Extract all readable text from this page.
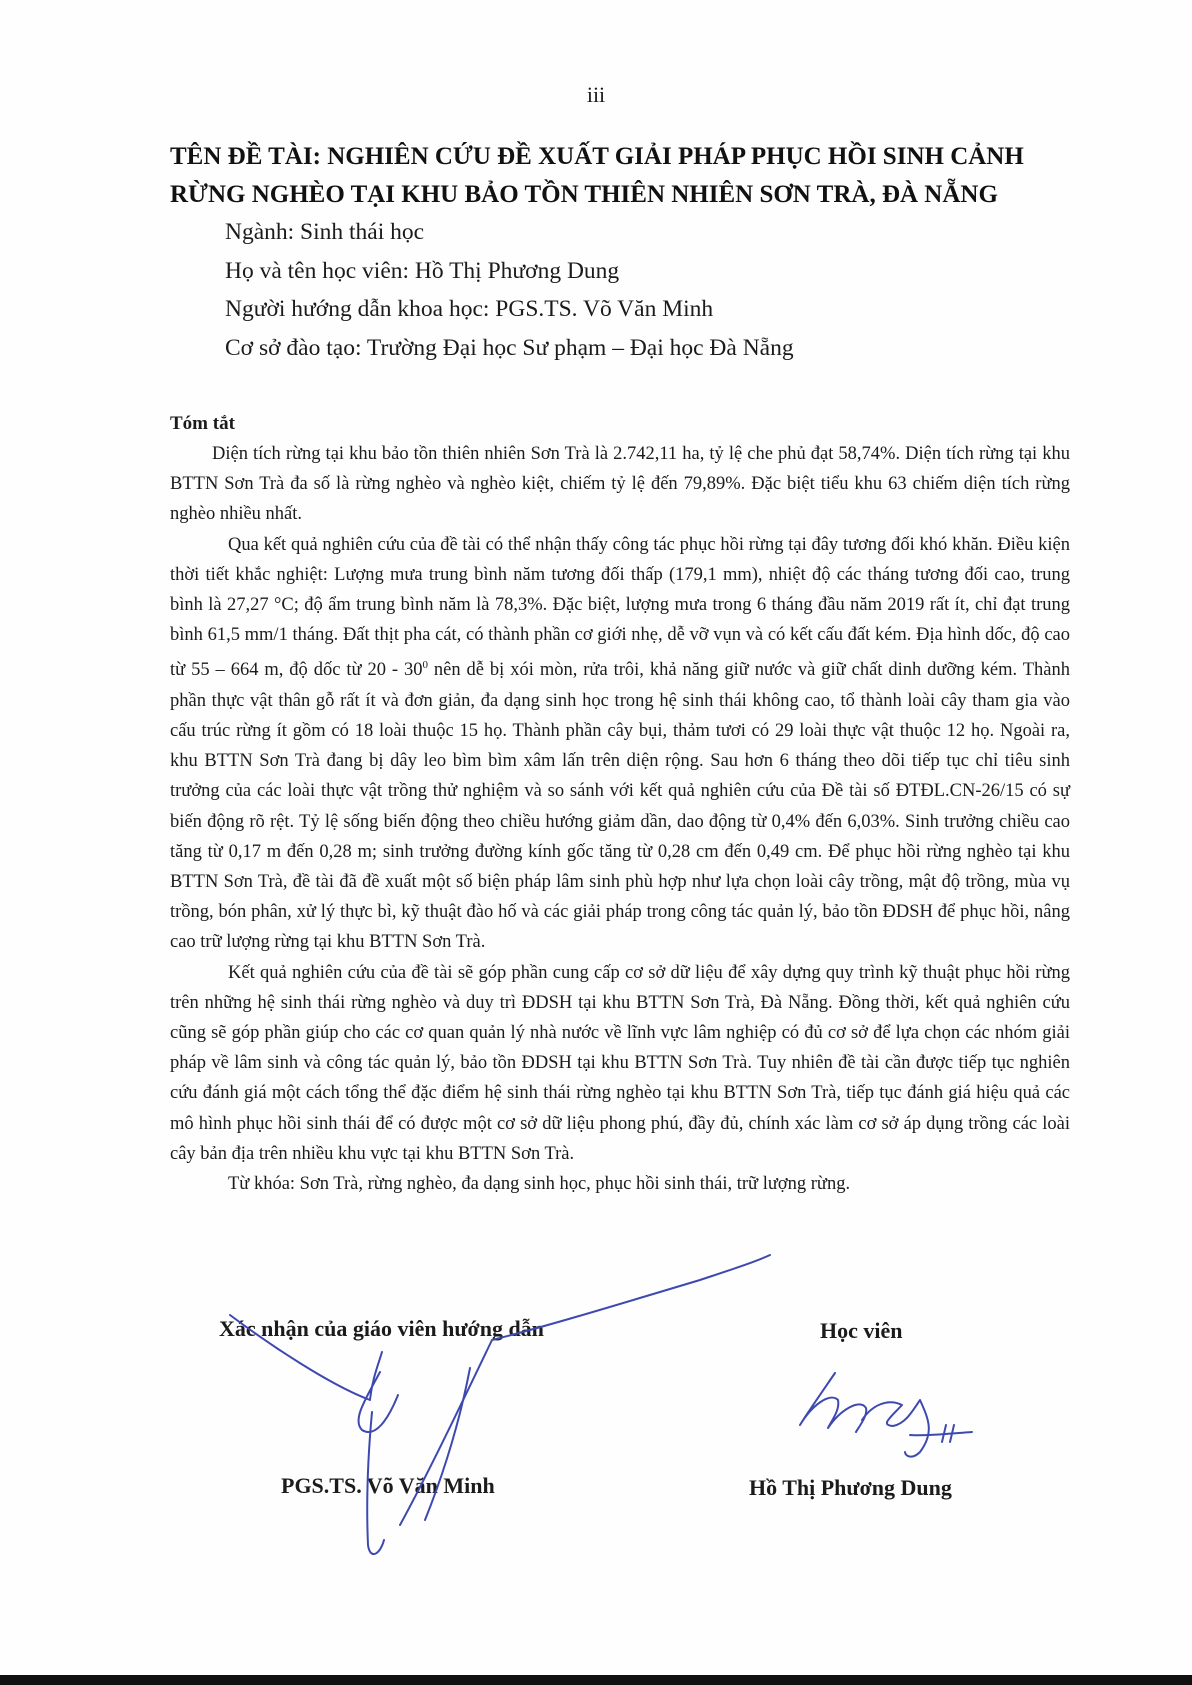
iii
TÊN ĐỀ TÀI: NGHIÊN CỨU ĐỀ XUẤT GIẢI PHÁP PHỤC HỒI SINH CẢNH
RỪNG NGHÈO TẠI KHU BẢO TỒN THIÊN NHIÊN SƠN TRÀ, ĐÀ NẴNG
Ngành: Sinh thái học
Họ và tên học viên: Hồ Thị Phương Dung
Người hướng dẫn khoa học: PGS.TS. Võ Văn Minh
Cơ sở đào tạo: Trường Đại học Sư phạm – Đại học Đà Nẵng
Tóm tắt

Diện tích rừng tại khu bảo tồn thiên nhiên Sơn Trà là 2.742,11 ha, tỷ lệ che phủ đạt 58,74%. Diện tích rừng tại khu BTTN Sơn Trà đa số là rừng nghèo và nghèo kiệt, chiếm tỷ lệ đến 79,89%. Đặc biệt tiểu khu 63 chiếm diện tích rừng nghèo nhiều nhất.

Qua kết quả nghiên cứu của đề tài có thể nhận thấy công tác phục hồi rừng tại đây tương đối khó khăn. Điều kiện thời tiết khắc nghiệt: Lượng mưa trung bình năm tương đối thấp (179,1 mm), nhiệt độ các tháng tương đối cao, trung bình là 27,27 °C; độ ẩm trung bình năm là 78,3%. Đặc biệt, lượng mưa trong 6 tháng đầu năm 2019 rất ít, chỉ đạt trung bình 61,5 mm/1 tháng. Đất thịt pha cát, có thành phần cơ giới nhẹ, dễ vỡ vụn và có kết cấu đất kém. Địa hình dốc, độ cao từ 55 – 664 m, độ dốc từ $20 - 30^0$ nên dễ bị xói mòn, rửa trôi, khả năng giữ nước và giữ chất dinh dưỡng kém. Thành phần thực vật thân gỗ rất ít và đơn giản, đa dạng sinh học trong hệ sinh thái không cao, tổ thành loài cây tham gia vào cấu trúc rừng ít gồm có 18 loài thuộc 15 họ. Thành phần cây bụi, thảm tươi có 29 loài thực vật thuộc 12 họ. Ngoài ra, khu BTTN Sơn Trà đang bị dây leo bìm bìm xâm lấn trên diện rộng. Sau hơn 6 tháng theo dõi tiếp tục chỉ tiêu sinh trưởng của các loài thực vật trồng thử nghiệm và so sánh với kết quả nghiên cứu của Đề tài số ĐTĐL.CN-26/15 có sự biến động rõ rệt. Tỷ lệ sống biến động theo chiều hướng giảm dần, dao động từ 0,4% đến 6,03%. Sinh trưởng chiều cao tăng từ 0,17 m đến 0,28 m; sinh trưởng đường kính gốc tăng từ 0,28 cm đến 0,49 cm. Để phục hồi rừng nghèo tại khu BTTN Sơn Trà, đề tài đã đề xuất một số biện pháp lâm sinh phù hợp như lựa chọn loài cây trồng, mật độ trồng, mùa vụ trồng, bón phân, xử lý thực bì, kỹ thuật đào hố và các giải pháp trong công tác quản lý, bảo tồn ĐDSH để phục hồi, nâng cao trữ lượng rừng tại khu BTTN Sơn Trà.

Kết quả nghiên cứu của đề tài sẽ góp phần cung cấp cơ sở dữ liệu để xây dựng quy trình kỹ thuật phục hồi rừng trên những hệ sinh thái rừng nghèo và duy trì ĐDSH tại khu BTTN Sơn Trà, Đà Nẵng. Đồng thời, kết quả nghiên cứu cũng sẽ góp phần giúp cho các cơ quan quản lý nhà nước về lĩnh vực lâm nghiệp có đủ cơ sở để lựa chọn các nhóm giải pháp về lâm sinh và công tác quản lý, bảo tồn ĐDSH tại khu BTTN Sơn Trà. Tuy nhiên đề tài cần được tiếp tục nghiên cứu đánh giá một cách tổng thể đặc điểm hệ sinh thái rừng nghèo tại khu BTTN Sơn Trà, tiếp tục đánh giá hiệu quả các mô hình phục hồi sinh thái để có được một cơ sở dữ liệu phong phú, đầy đủ, chính xác làm cơ sở áp dụng trồng các loài cây bản địa trên nhiều khu vực tại khu BTTN Sơn Trà.

Từ khóa: Sơn Trà, rừng nghèo, đa dạng sinh học, phục hồi sinh thái, trữ lượng rừng.

Xác nhận của giáo viên hướng dẫn	Học viên
PGS.TS. Võ Văn Minh	Hồ Thị Phương Dung
